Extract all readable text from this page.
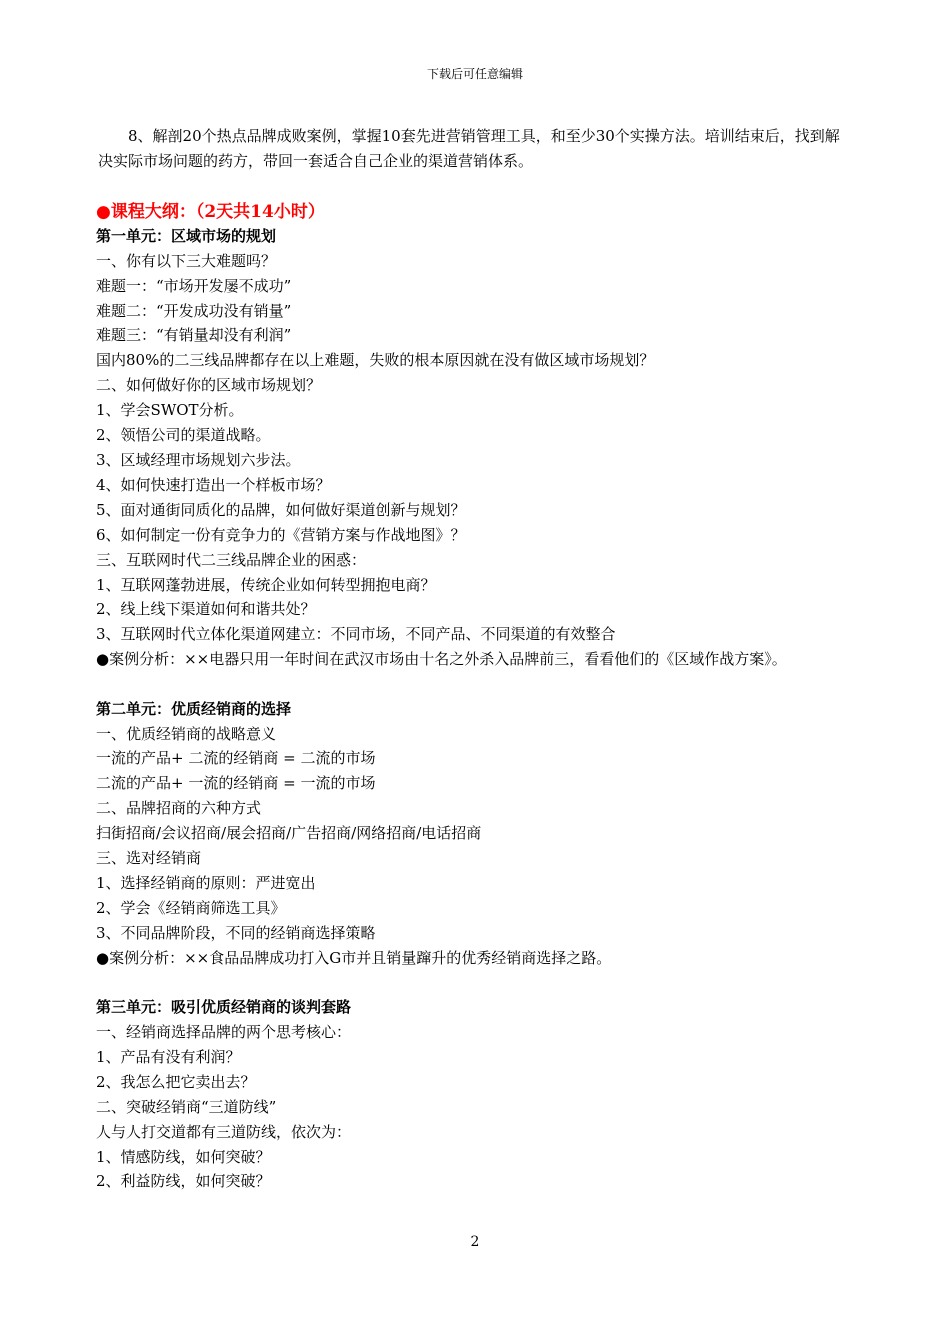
下载后可任意编辑

8、解剖20个热点品牌成败案例，掌握10套先进营销管理工具，和至少30个实操方法。培训结束后，找到解决实际市场问题的药方，带回一套适合自己企业的渠道营销体系。

●课程大纲：（2天共14小时）

第一单元：区域市场的规划

一、你有以下三大难题吗？

难题一：“市场开发屡不成功”

难题二：“开发成功没有销量”

难题三：“有销量却没有利润”

国内80%的二三线品牌都存在以上难题，失败的根本原因就在没有做区域市场规划？

二、如何做好你的区域市场规划？

1、学会SWOT分析。

2、领悟公司的渠道战略。

3、区域经理市场规划六步法。

4、如何快速打造出一个样板市场？

5、面对通街同质化的品牌，如何做好渠道创新与规划？

6、如何制定一份有竞争力的《营销方案与作战地图》？

三、互联网时代二三线品牌企业的困惑：

1、互联网蓬勃进展，传统企业如何转型拥抱电商？

2、线上线下渠道如何和谐共处？

3、互联网时代立体化渠道网建立：不同市场，不同产品、不同渠道的有效整合

●案例分析：××电器只用一年时间在武汉市场由十名之外杀入品牌前三，看看他们的《区域作战方案》。

第二单元：优质经销商的选择

一、优质经销商的战略意义

一流的产品+ 二流的经销商 = 二流的市场

二流的产品+ 一流的经销商 = 一流的市场

二、品牌招商的六种方式

扫街招商/会议招商/展会招商/广告招商/网络招商/电话招商

三、选对经销商

1、选择经销商的原则：严进宽出

2、学会《经销商筛选工具》

3、不同品牌阶段，不同的经销商选择策略

●案例分析：××食品品牌成功打入G市并且销量蹿升的优秀经销商选择之路。

第三单元：吸引优质经销商的谈判套路

一、经销商选择品牌的两个思考核心：

1、产品有没有利润？

2、我怎么把它卖出去？

二、突破经销商“三道防线”

人与人打交道都有三道防线，依次为：

1、情感防线，如何突破？

2、利益防线，如何突破？

2
